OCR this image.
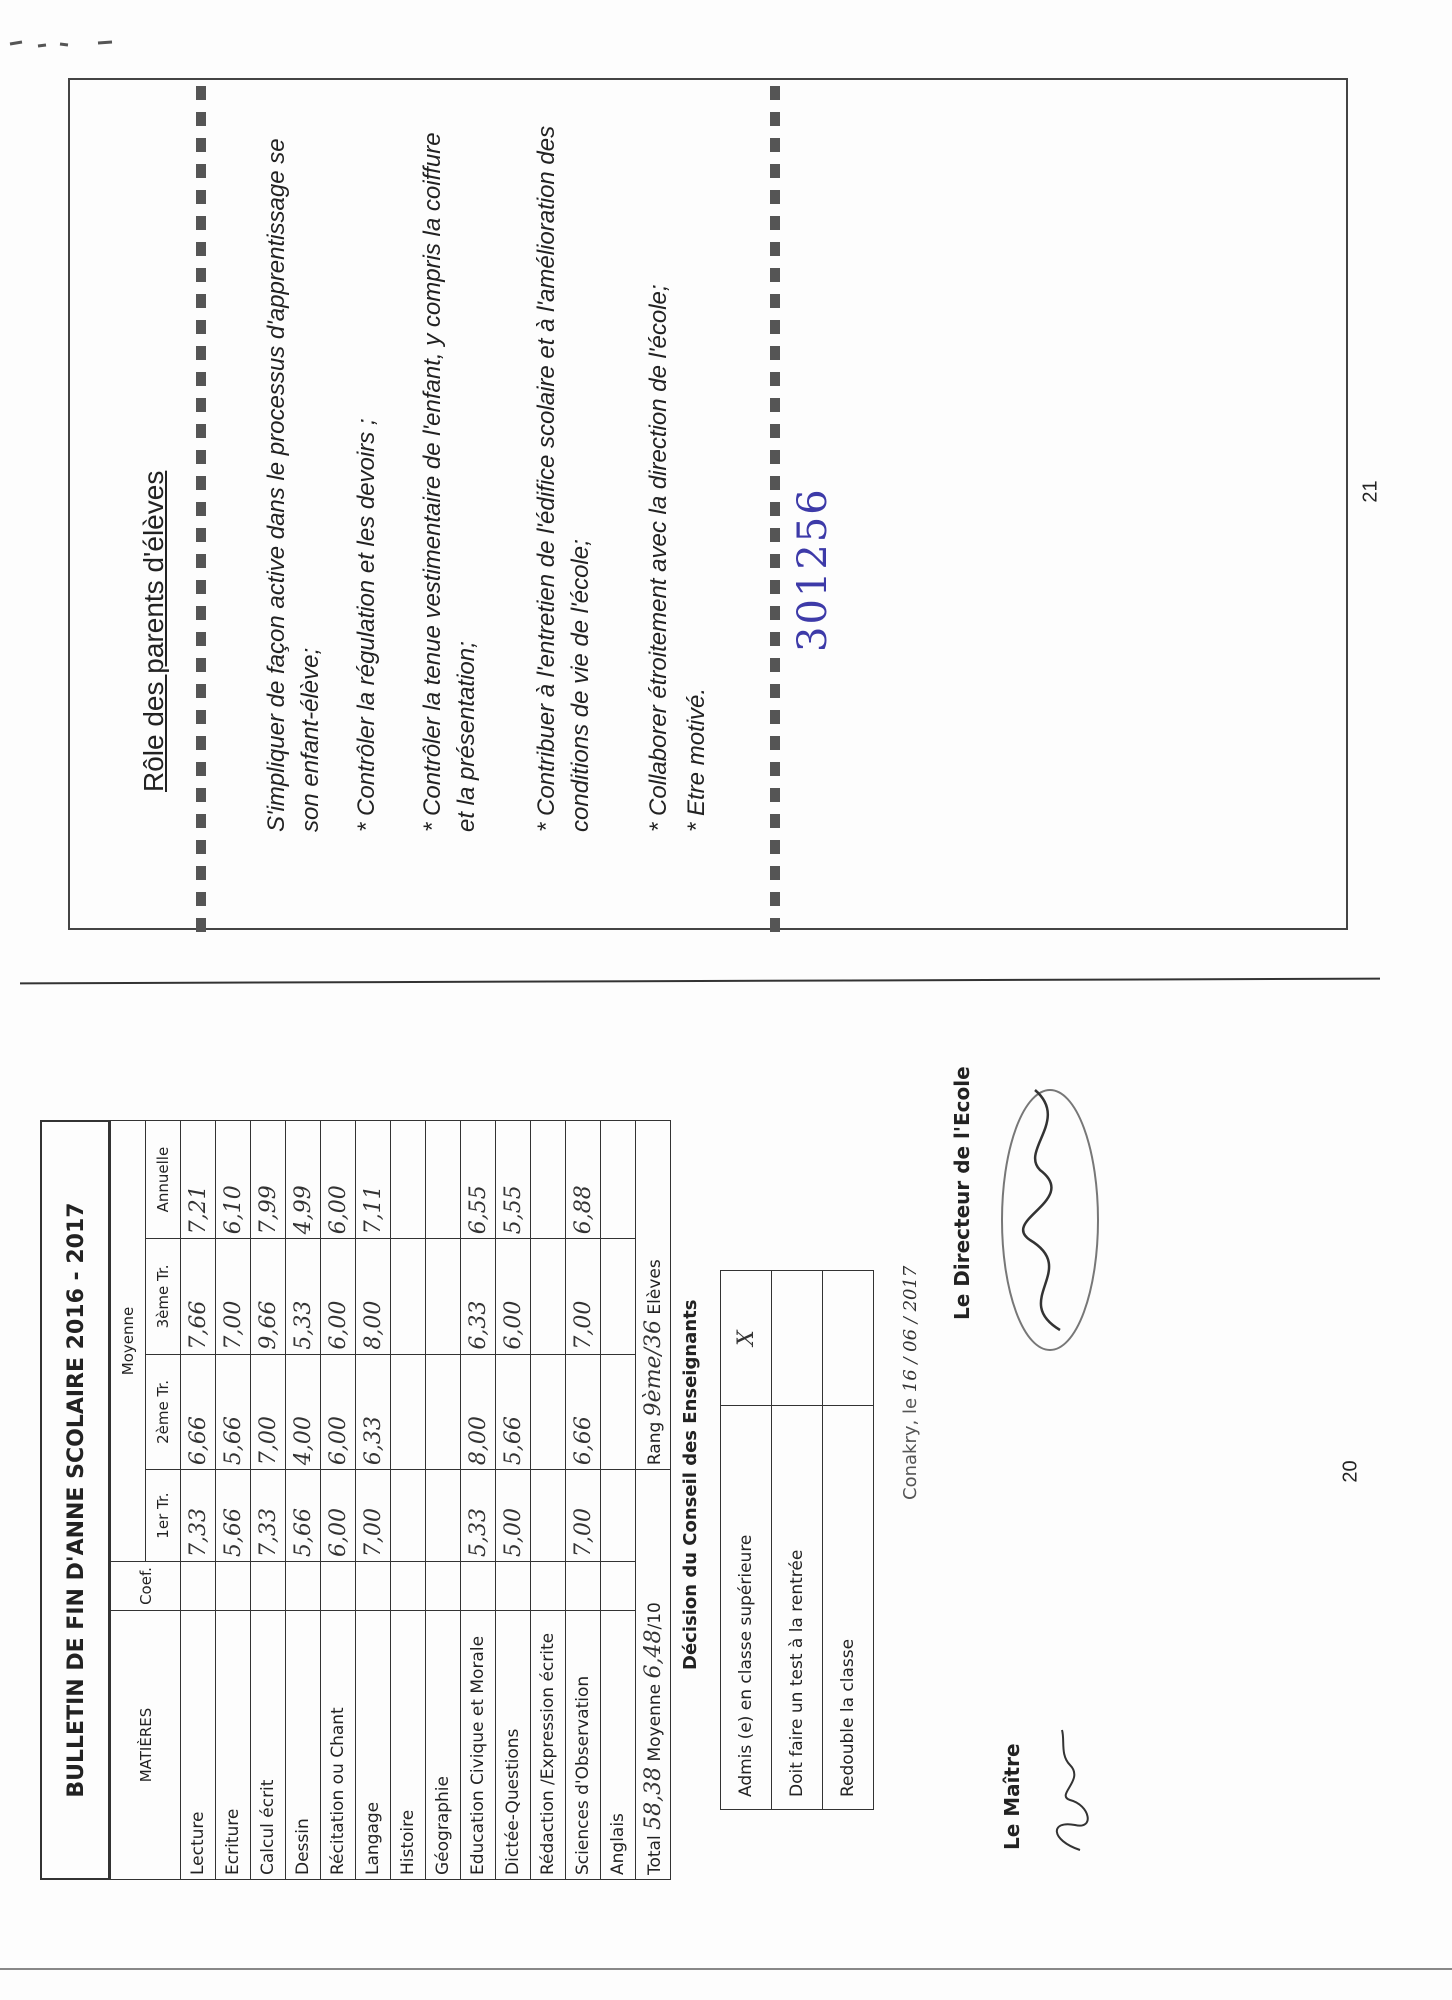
Rôle des parents d'élèves	S'impliquer de façon active dans le processus d'apprentissage se son enfant-élève; * Contrôler la régulation et les devoirs ;
* Contrôler la tenue vestimentaire de l'enfant, y compris la coiffure et la présentation; * Contribuer à l'entretien de l'édifice scolaire et à l'amélioration des conditions de vie de l'école; * Collaborer étroitement avec la direction de l'école;
* Etre motivé.
301256	21
BULLETIN DE FIN D'ANNE SCOLAIRE 2016 - 2017	MATIÈRES	Coef.	Moyenne			
		1er Tr.	2ème Tr.	3ème Tr.	Annuelle
Lecture		7,33	6,66	7,66	7,21
Ecriture		5,66	5,66	7,00	6,10
Calcul écrit		7,33	7,00	9,66	7,99
Dessin		5,66	4,00	5,33	4,99
Récitation ou Chant		6,00	6,00	6,00	6,00
Langage		7,00	6,33	8,00	7,11
Histoire					
Géographie					
Education Civique et Morale		5,33	8,00	6,33	6,55
Dictée-Questions		5,00	5,66	6,00	5,55
Rédaction /Expression écrite					
Sciences d'Observation		7,00	6,66	7,00	6,88
Anglais					
Total 58,38 Moyenne 6,48/10			Rang 9ème/36 Elèves		
Décision du Conseil des Enseignants Admis (e) en classe supérieure	X
Doit faire un test à la rentrée	
Redouble la classe	
Conakry, le 16 / 06 / 2017
Le Maître
Le Directeur de l'Ecole
20
